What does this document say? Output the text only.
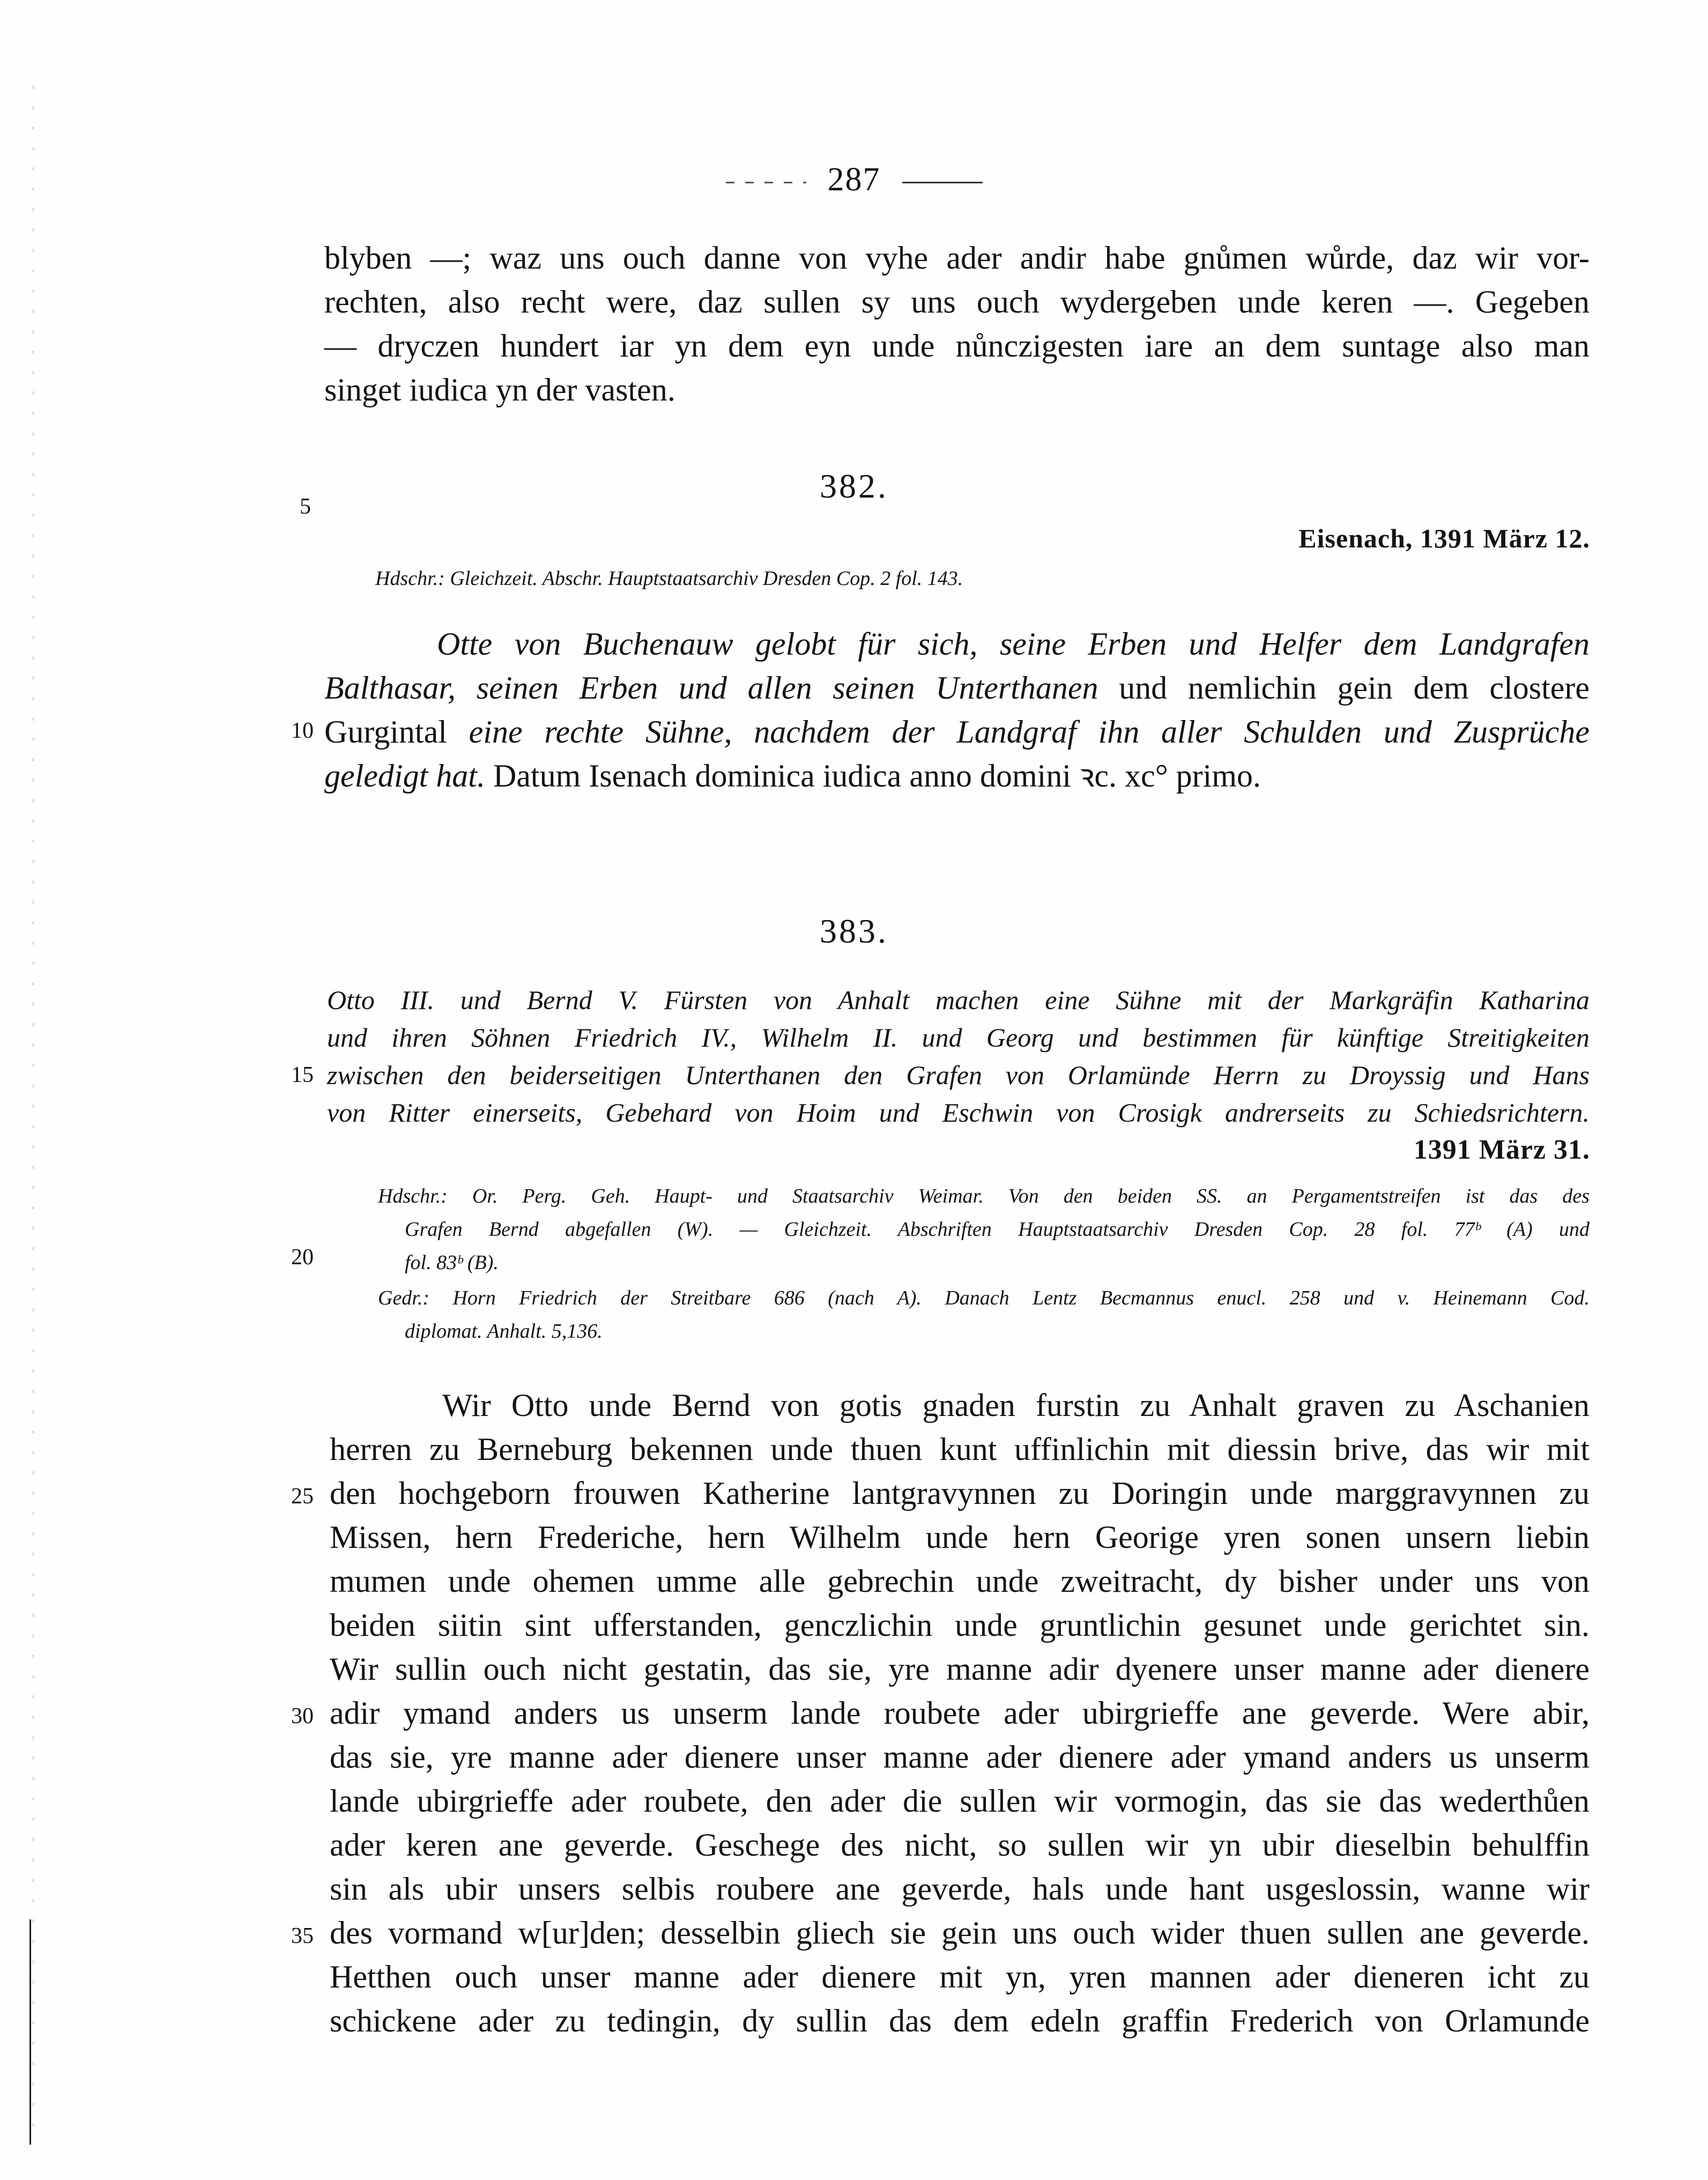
287
blyben —; waz uns ouch danne von vyhe ader andir habe gnůmen wůrde, daz wir vor-
rechten, also recht were, daz sullen sy uns ouch wydergeben unde keren —. Gegeben
— dryczen hundert iar yn dem eyn unde nůnczigesten iare an dem suntage also man
singet iudica yn der vasten.
5
382.
Eisenach, 1391 März 12.
Hdschr.: Gleichzeit. Abschr. Hauptstaatsarchiv Dresden Cop. 2 fol. 143.
Otte von Buchenauw gelobt für sich, seine Erben und Helfer dem Landgrafen
Balthasar, seinen Erben und allen seinen Unterthanen und nemlichin gein dem clostere
10 Gurgintal eine rechte Sühne, nachdem der Landgraf ihn aller Schulden und Zusprüche
geledigt hat. Datum Isenach dominica iudica anno domini ꝛc. xc° primo.
383.
Otto III. und Bernd V. Fürsten von Anhalt machen eine Sühne mit der Markgräfin Katharina
und ihren Söhnen Friedrich IV., Wilhelm II. und Georg und bestimmen für künftige Streitigkeiten
15 zwischen den beiderseitigen Unterthanen den Grafen von Orlamünde Herrn zu Droyssig und Hans
von Ritter einerseits, Gebehard von Hoim und Eschwin von Crosigk andrerseits zu Schiedsrichtern.
1391 März 31.
Hdschr.: Or. Perg. Geh. Haupt- und Staatsarchiv Weimar. Von den beiden SS. an Pergamentstreifen ist das des
Grafen Bernd abgefallen (W). — Gleichzeit. Abschriften Hauptstaatsarchiv Dresden Cop. 28 fol. 77ᵇ (A) und
20	fol. 83ᵇ (B).
Gedr.: Horn Friedrich der Streitbare 686 (nach A). Danach Lentz Becmannus enucl. 258 und v. Heinemann Cod.
diplomat. Anhalt. 5,136.
Wir Otto unde Bernd von gotis gnaden furstin zu Anhalt graven zu Aschanien
herren zu Berneburg bekennen unde thuen kunt uffinlichin mit diessin brive, das wir mit
25 den hochgeborn frouwen Katherine lantgravynnen zu Doringin unde marggravynnen zu
Missen, hern Frederiche, hern Wilhelm unde hern Georige yren sonen unsern liebin
mumen unde ohemen umme alle gebrechin unde zweitracht, dy bisher under uns von
beiden siitin sint ufferstanden, genczlichin unde gruntlichin gesunet unde gerichtet sin.
Wir sullin ouch nicht gestatin, das sie, yre manne adir dyenere unser manne ader dienere
30 adir ymand anders us unserm lande roubete ader ubirgrieffe ane geverde. Were abir,
das sie, yre manne ader dienere unser manne ader dienere ader ymand anders us unserm
lande ubirgrieffe ader roubete, den ader die sullen wir vormogin, das sie das wederthůen
ader keren ane geverde. Geschege des nicht, so sullen wir yn ubir dieselbin behulffin
sin als ubir unsers selbis roubere ane geverde, hals unde hant usgeslossin, wanne wir
35 des vormand w[ur]den; desselbin gliech sie gein uns ouch wider thuen sullen ane geverde.
Hetthen ouch unser manne ader dienere mit yn, yren mannen ader dieneren icht zu
schickene ader zu tedingin, dy sullin das dem edeln graffin Frederich von Orlamunde
